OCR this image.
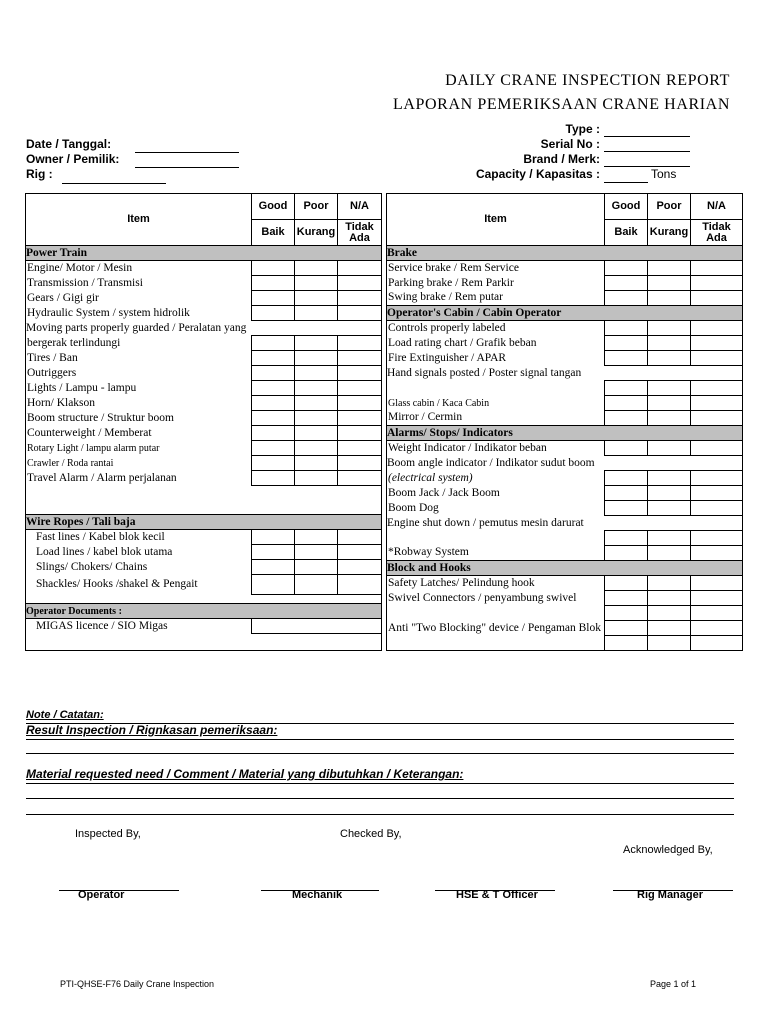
DAILY CRANE INSPECTION REPORT
LAPORAN PEMERIKSAAN CRANE HARIAN
Date / Tanggal:
Owner / Pemilik:
Rig :
Type :
Serial No :
Brand / Merk:
Capacity / Kapasitas :	Tons
Item	Good	Poor	N/A
	Baik	Kurang	Tidak
Ada
Power Train			
Engine/ Motor / Mesin			
Transmission / Transmisi			
Gears / Gigi gir			
Hydraulic System / system hidrolik			
Moving parts properly guarded / Peralatan yang			
bergerak terlindungi			
Tires / Ban			
Outriggers			
Lights / Lampu - lampu			
Horn/ Klakson			
Boom structure / Struktur boom			
Counterweight / Memberat			
Rotary Light / lampu alarm putar			
Crawler / Roda rantai			
Travel Alarm / Alarm perjalanan			

Wire Ropes / Tali baja			
Fast lines / Kabel blok kecil			
Load lines / kabel blok utama			
Slings/ Chokers/ Chains			
Shackles/ Hooks /shakel & Pengait			

Operator Documents :			
MIGAS licence / SIO Migas			

Item	Good	Poor	N/A
	Baik	Kurang	Tidak
Ada
Brake			
Service brake / Rem Service			
Parking brake / Rem Parkir			
Swing brake / Rem putar			
Operator's Cabin / Cabin Operator			
Controls properly labeled			
Load rating chart / Grafik beban			
Fire Extinguisher / APAR			
Hand signals posted / Poster signal tangan			

Glass cabin / Kaca Cabin			
Mirror / Cermin			
Alarms/ Stops/ Indicators			
Weight Indicator / Indikator beban			
Boom angle indicator / Indikator sudut boom			
(electrical system)			
Boom Jack / Jack Boom			
Boom Dog			
Engine shut down / pemutus mesin darurat			

*Robway System			
Block and Hooks			
Safety Latches/ Pelindung hook			
Swivel Connectors / penyambung swivel			

Anti "Two Blocking" device / Pengaman Blok			

Note / Catatan:
Result Inspection / Rignkasan pemeriksaan:
Material requested need / Comment / Material yang dibutuhkan / Keterangan:
Inspected By,	Checked By,
Acknowledged By,
Operator	Mechanik	HSE & T Officer	Rig Manager
PTI-QHSE-F76 Daily Crane Inspection	Page 1 of 1
